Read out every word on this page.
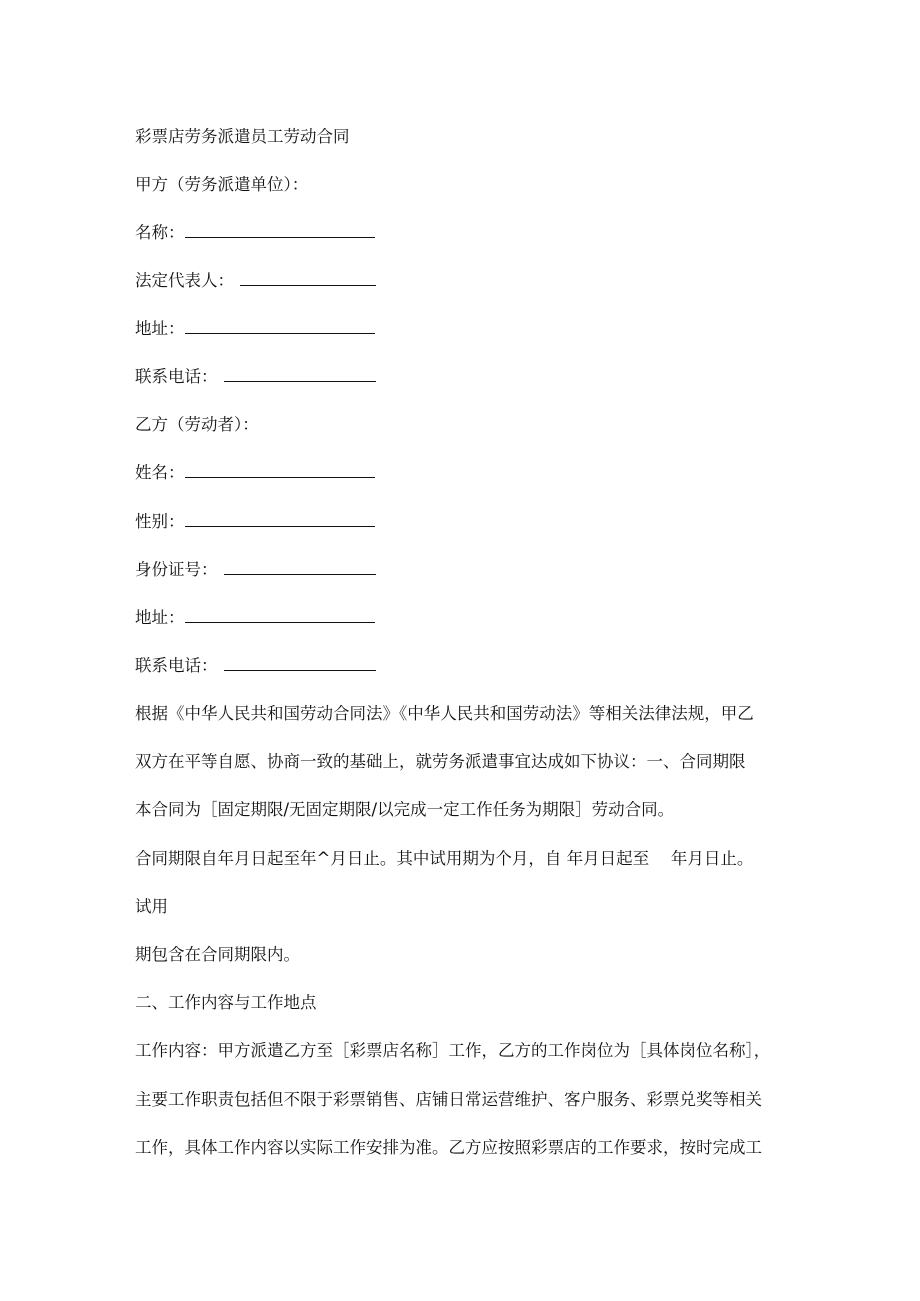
彩票店劳务派遣员工劳动合同
甲方（劳务派遣单位）：
名称：
法定代表人：
地址：
联系电话：
乙方（劳动者）：
姓名：
性别：
身份证号：
地址：
联系电话：
根据《中华人民共和国劳动合同法》《中华人民共和国劳动法》等相关法律法规，甲乙
双方在平等自愿、协商一致的基础上，就劳务派遣事宜达成如下协议：一、合同期限
本合同为［固定期限/无固定期限/以完成一定工作任务为期限］劳动合同。
合同期限自年月日起至年^月日止。其中试用期为个月，自 年月日起至　 年月日止。
试用
期包含在合同期限内。
二、工作内容与工作地点
工作内容：甲方派遣乙方至［彩票店名称］工作，乙方的工作岗位为［具体岗位名称］，
主要工作职责包括但不限于彩票销售、店铺日常运营维护、客户服务、彩票兑奖等相关
工作，具体工作内容以实际工作安排为准。乙方应按照彩票店的工作要求，按时完成工
